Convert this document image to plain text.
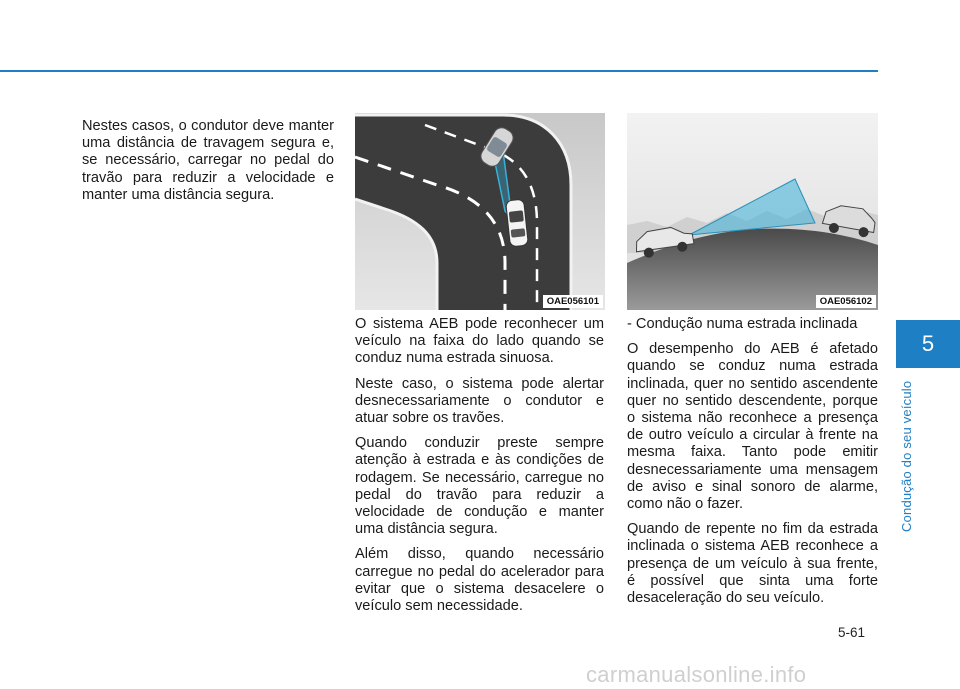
Nestes casos, o condutor deve manter uma distância de travagem segura e, se necessário, carregar no pedal do travão para reduzir a velocidade e manter uma distância segura.

OAE056101	OAE056102

O sistema AEB pode reconhecer um veículo na faixa do lado quando se conduz numa estrada sinuosa.

Neste caso, o sistema pode alertar desnecessariamente o condutor e atuar sobre os travões.

Quando conduzir preste sempre atenção à estrada e às condições de rodagem. Se necessário, carregue no pedal do travão para reduzir a velocidade de condução e manter uma distância segura.

Além disso, quando necessário carregue no pedal do acelerador para evitar que o sistema desacelere o veículo sem necessidade.

- Condução numa estrada inclinada

O desempenho do AEB é afetado quando se conduz numa estrada inclinada, quer no sentido ascendente quer no sentido descendente, porque o sistema não reconhece a presença de outro veículo a circular à frente na mesma faixa. Tanto pode emitir desnecessariamente uma mensagem de aviso e sinal sonoro de alarme, como não o fazer.

Quando de repente no fim da estrada inclinada o sistema AEB reconhece a presença de um veículo à sua frente, é possível que sinta uma forte desaceleração do seu veículo.

5
Condução do seu veículo
5-61
carmanualsonline.info
